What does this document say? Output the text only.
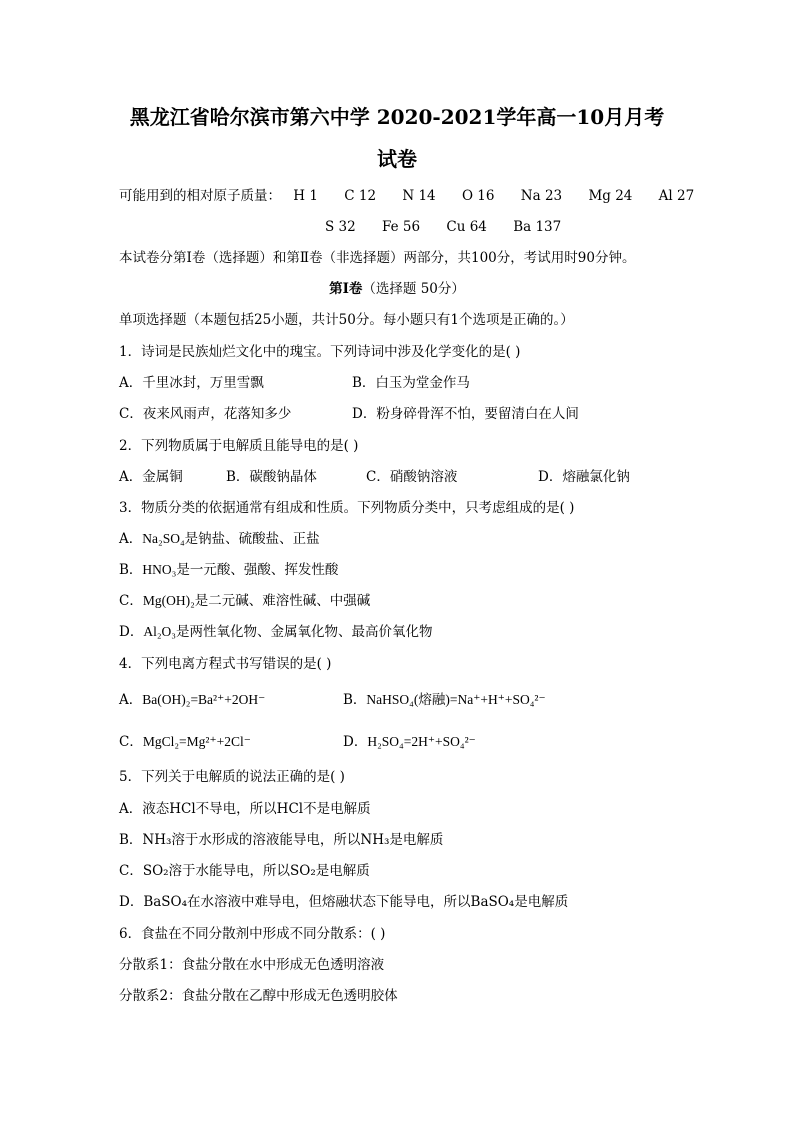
黑龙江省哈尔滨市第六中学 2020-2021学年高一10月月考
试卷
可能用到的相对原子质量： H 1 C 12 N 14 O 16 Na 23 Mg 24 Al 27
S 32 Fe 56 Cu 64 Ba 137
本试卷分第Ⅰ卷（选择题）和第Ⅱ卷（非选择题）两部分，共100分，考试用时90分钟。
第Ⅰ卷（选择题 50分）
单项选择题（本题包括25小题，共计50分。每小题只有1个选项是正确的。）
1．诗词是民族灿烂文化中的瑰宝。下列诗词中涉及化学变化的是( )
A．千里冰封，万里雪飘	B．白玉为堂金作马
C．夜来风雨声，花落知多少	D．粉身碎骨浑不怕，要留清白在人间
2．下列物质属于电解质且能导电的是( )
A．金属铜	B．碳酸钠晶体	C．硝酸钠溶液	D．熔融氯化钠
3．物质分类的依据通常有组成和性质。下列物质分类中，只考虑组成的是( )
A．Na₂SO₄是钠盐、硫酸盐、正盐
B．HNO₃是一元酸、强酸、挥发性酸
C．Mg(OH)₂是二元碱、难溶性碱、中强碱
D．Al₂O₃是两性氧化物、金属氧化物、最高价氧化物
4．下列电离方程式书写错误的是( )
A．Ba(OH)₂=Ba²⁺+2OH⁻	B．NaHSO₄(熔融)=Na⁺+H⁺+SO₄²⁻
C．MgCl₂=Mg²⁺+2Cl⁻	D．H₂SO₄=2H⁺+SO₄²⁻
5．下列关于电解质的说法正确的是( )
A．液态HCl不导电，所以HCl不是电解质
B．NH₃溶于水形成的溶液能导电，所以NH₃是电解质
C．SO₂溶于水能导电，所以SO₂是电解质
D．BaSO₄在水溶液中难导电，但熔融状态下能导电，所以BaSO₄是电解质
6．食盐在不同分散剂中形成不同分散系：( )
分散系1：食盐分散在水中形成无色透明溶液
分散系2：食盐分散在乙醇中形成无色透明胶体
